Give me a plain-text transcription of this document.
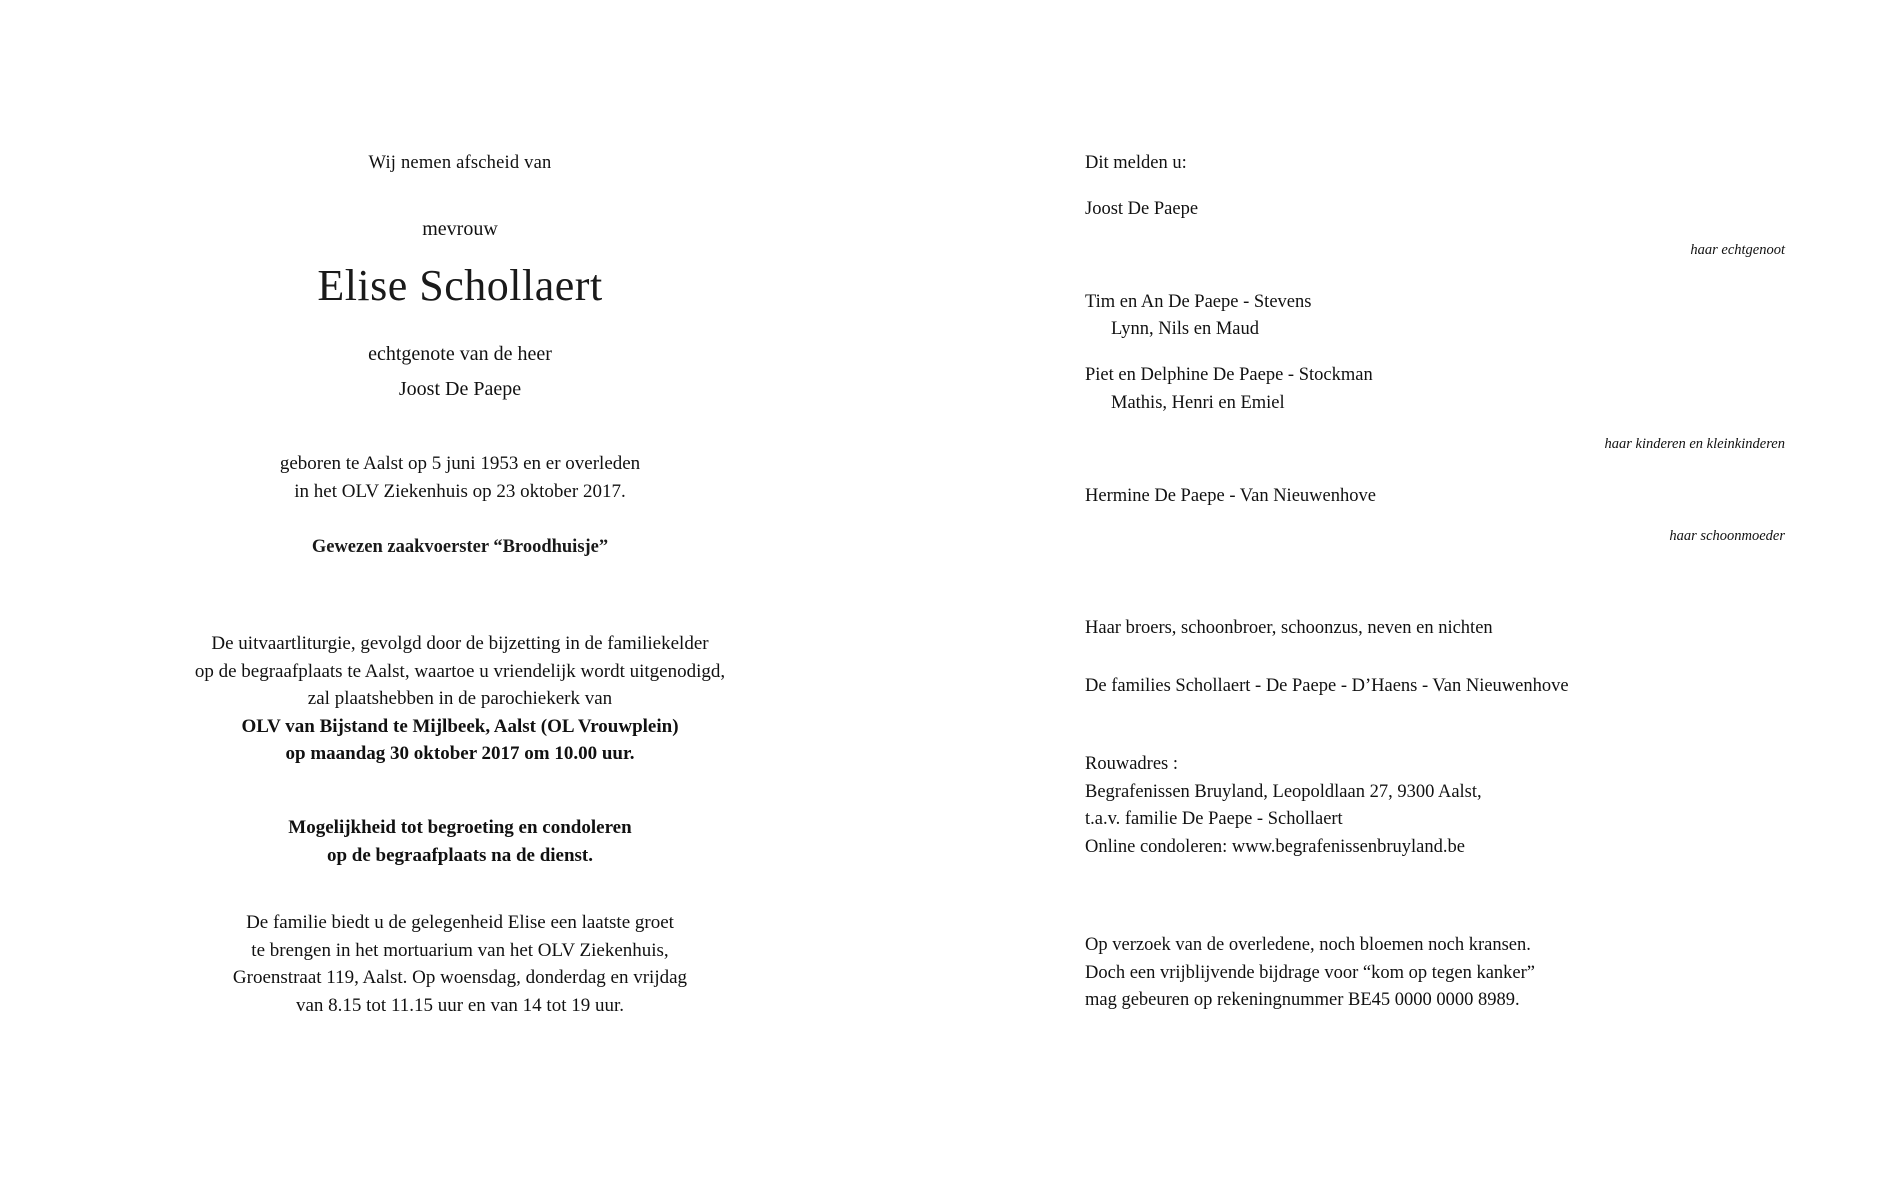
Wij nemen afscheid van
mevrouw
Elise Schollaert
echtgenote van de heer
Joost De Paepe
geboren te Aalst op 5 juni 1953 en er overleden
in het OLV Ziekenhuis op 23 oktober 2017.
Gewezen zaakvoerster “Broodhuisje”
De uitvaartliturgie, gevolgd door de bijzetting in de familiekelder
op de begraafplaats te Aalst, waartoe u vriendelijk wordt uitgenodigd,
zal plaatshebben in de parochiekerk van
OLV van Bijstand te Mijlbeek, Aalst (OL Vrouwplein)
op maandag 30 oktober 2017 om 10.00 uur.
Mogelijkheid tot begroeting en condoleren
op de begraafplaats na de dienst.
De familie biedt u de gelegenheid Elise een laatste groet
te brengen in het mortuarium van het OLV Ziekenhuis,
Groenstraat 119, Aalst. Op woensdag, donderdag en vrijdag
van 8.15 tot 11.15 uur en van 14 tot 19 uur.
Dit melden u:
Joost De Paepe
haar echtgenoot
Tim en An De Paepe - Stevens
Lynn, Nils en Maud
Piet en Delphine De Paepe - Stockman
Mathis, Henri en Emiel
haar kinderen en kleinkinderen
Hermine De Paepe - Van Nieuwenhove
haar schoonmoeder
Haar broers, schoonbroer, schoonzus, neven en nichten
De families Schollaert - De Paepe - D’Haens - Van Nieuwenhove
Rouwadres :
Begrafenissen Bruyland, Leopoldlaan 27, 9300 Aalst,
t.a.v. familie De Paepe - Schollaert
Online condoleren: www.begrafenissenbruyland.be
Op verzoek van de overledene, noch bloemen noch kransen.
Doch een vrijblijvende bijdrage voor “kom op tegen kanker”
mag gebeuren op rekeningnummer BE45 0000 0000 8989.
